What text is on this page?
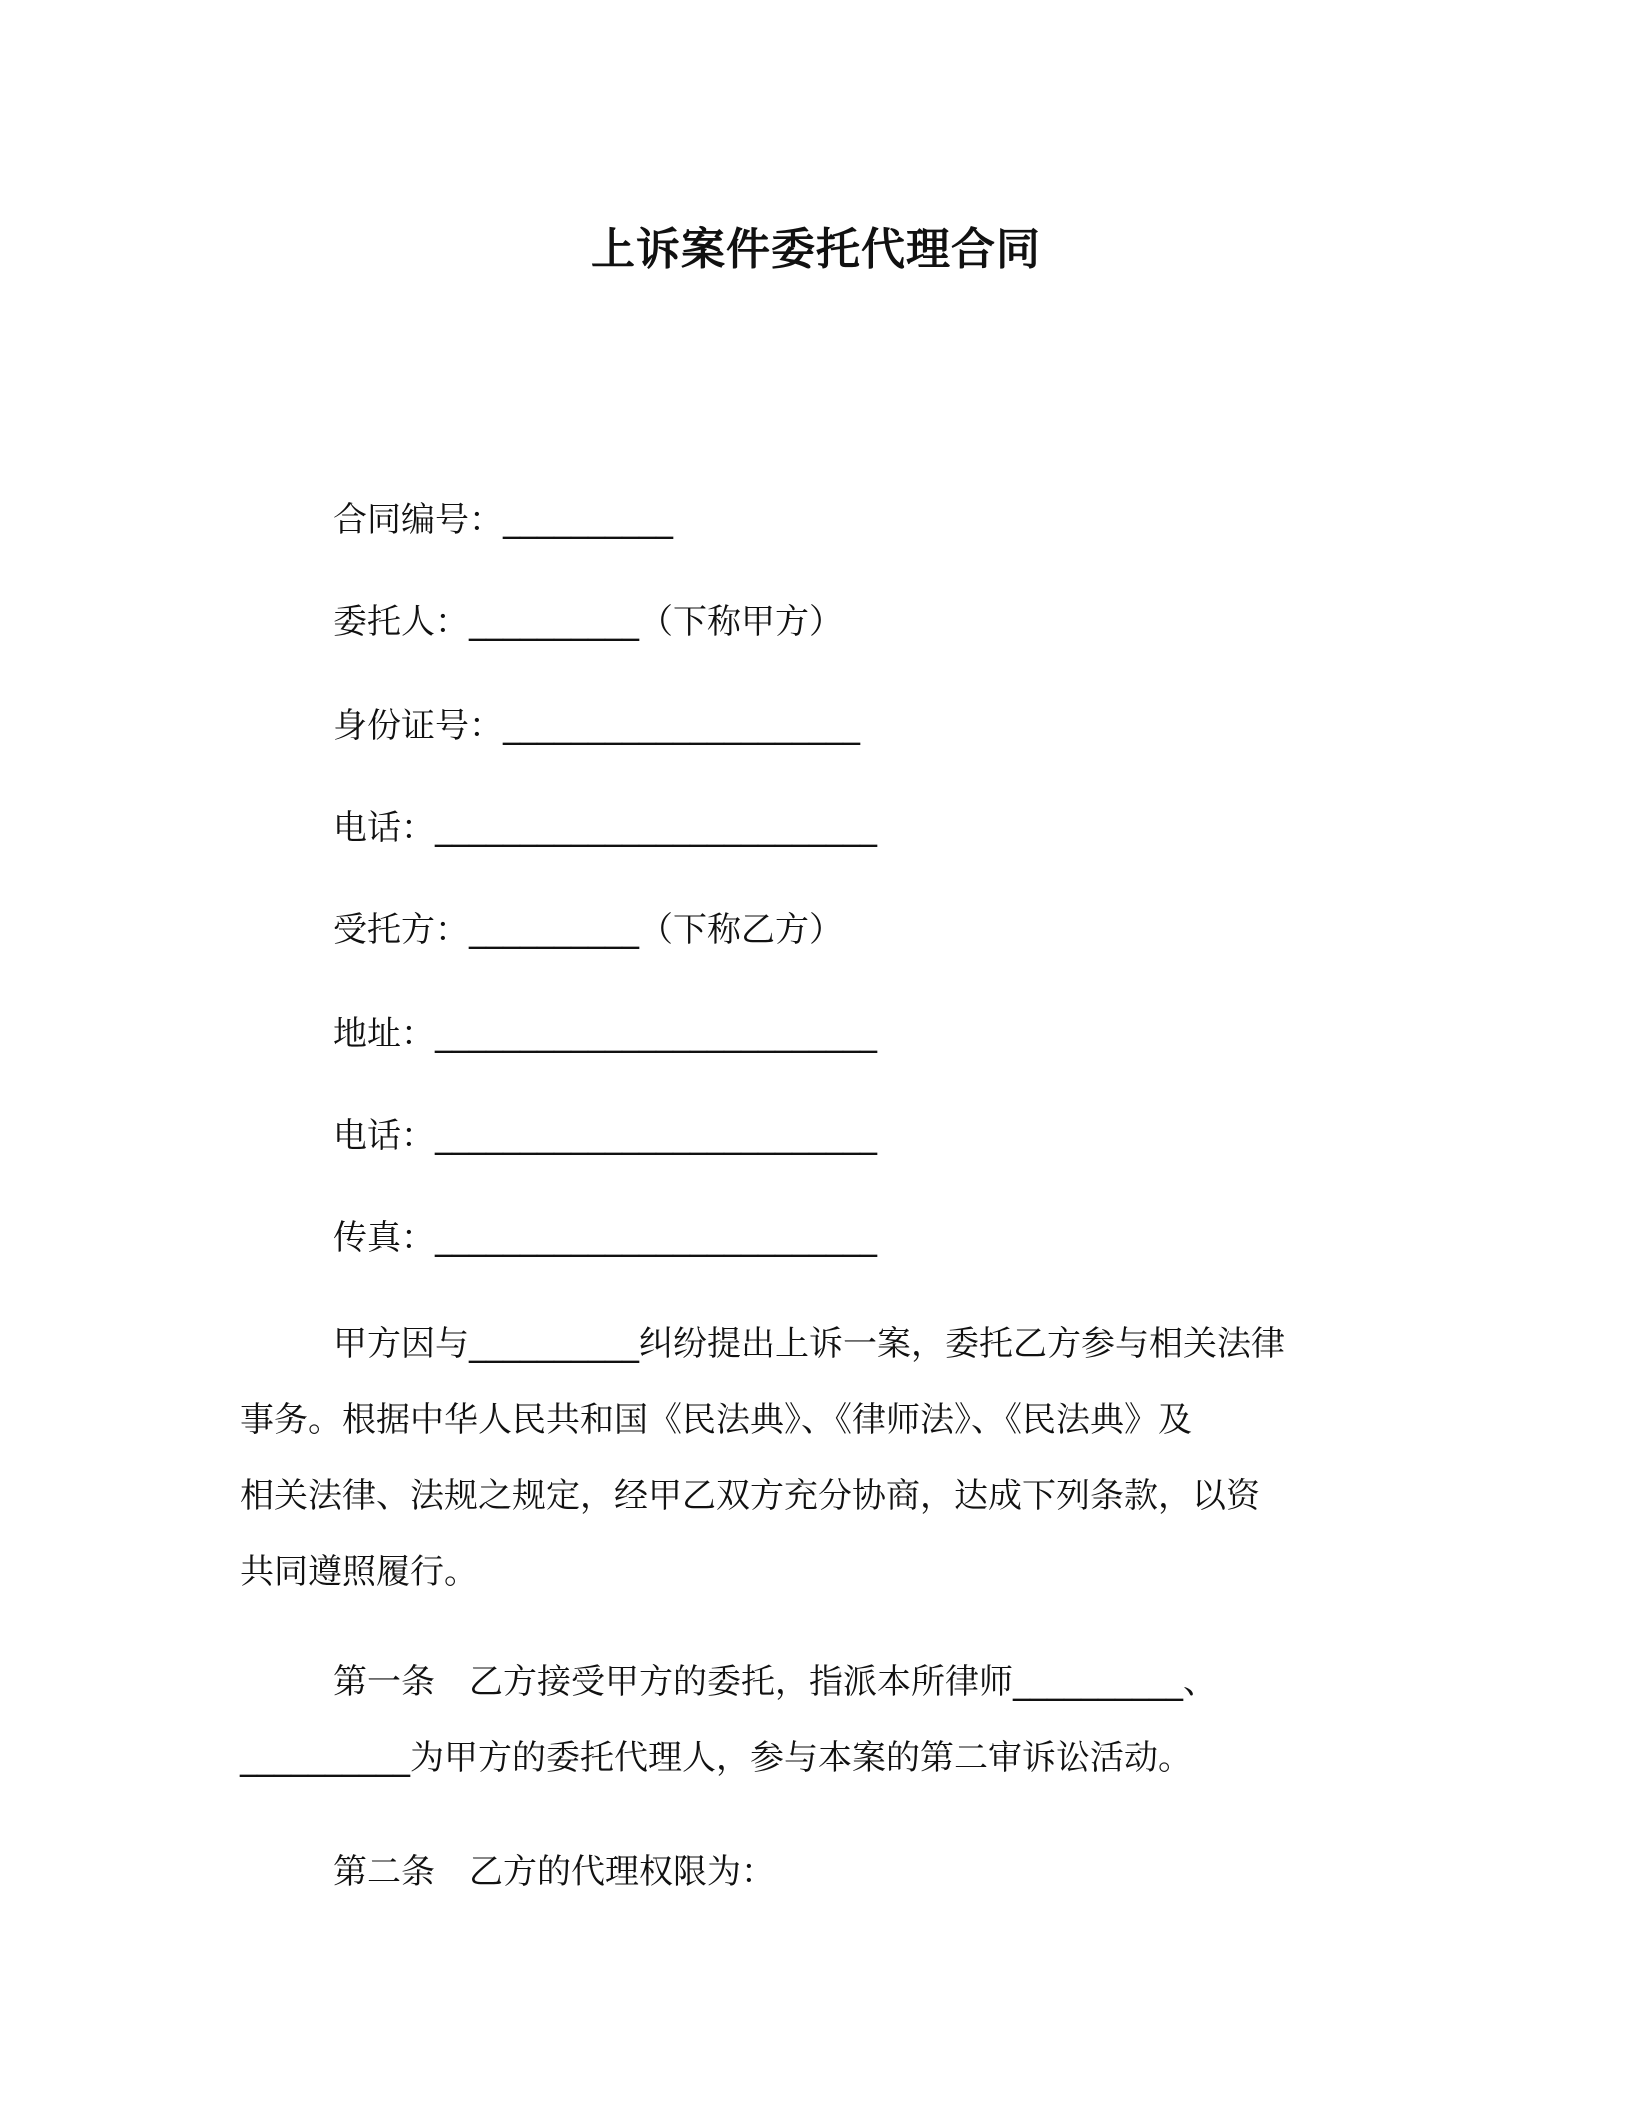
上诉案件委托代理合同
合同编号：__________
委托人：__________（下称甲方）
身份证号：_____________________
电话：__________________________
受托方：__________（下称乙方）
地址：__________________________
电话：__________________________
传真：__________________________
甲方因与__________纠纷提出上诉一案，委托乙方参与相关法律
事务。根据中华人民共和国《民法典》、《律师法》、《民法典》及
相关法律、法规之规定，经甲乙双方充分协商，达成下列条款，以资
共同遵照履行。
第一条　乙方接受甲方的委托，指派本所律师__________、
__________为甲方的委托代理人，参与本案的第二审诉讼活动。
第二条　乙方的代理权限为：
